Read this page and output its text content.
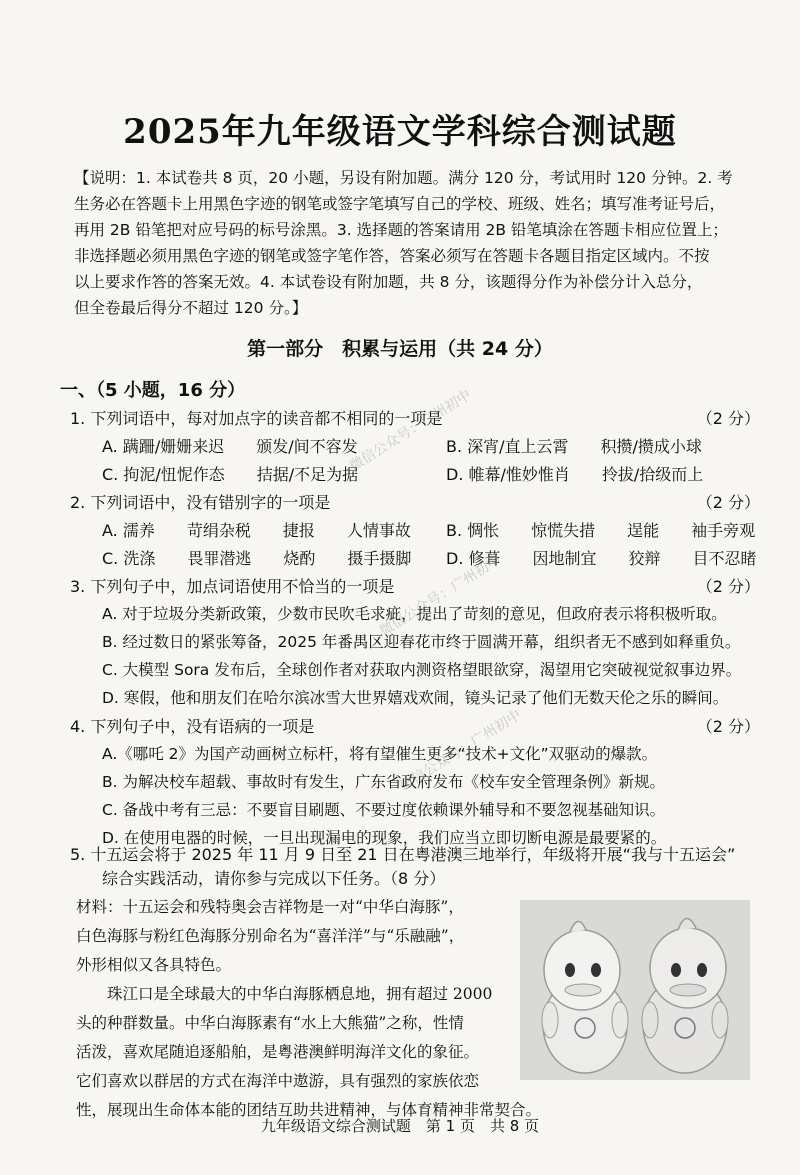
2025年九年级语文学科综合测试题
【说明：1. 本试卷共 8 页，20 小题，另设有附加题。满分 120 分，考试用时 120 分钟。2. 考
生务必在答题卡上用黑色字迹的钢笔或签字笔填写自己的学校、班级、姓名；填写准考证号后，
再用 2B 铅笔把对应号码的标号涂黑。3. 选择题的答案请用 2B 铅笔填涂在答题卡相应位置上；
非选择题必须用黑色字迹的钢笔或签字笔作答，答案必须写在答题卡各题目指定区域内。不按
以上要求作答的答案无效。4. 本试卷设有附加题，共 8 分，该题得分作为补偿分计入总分，
但全卷最后得分不超过 120 分。】
第一部分　积累与运用（共 24 分）
一、（5 小题，16 分）
1. 下列词语中，每对加点字的读音都不相同的一项是	（2 分）
A. 蹒跚/姗姗来迟　　颁发/间不容发	B. 深宵/直上云霄　　积攒/攒成小球
C. 拘泥/忸怩作态　　拮据/不足为据	D. 帷幕/惟妙惟肖　　拎拔/拾级而上
2. 下列词语中，没有错别字的一项是	（2 分）
A. 濡养　　苛绢杂税　　捷报　　人情事故 B. 惆怅　　惊慌失措　　逞能　　袖手旁观
C. 洗涤　　畏罪潜逃　　烧酌　　摄手摄脚 D. 修葺　　因地制宜　　狡辩　　目不忍睹
3. 下列句子中，加点词语使用不恰当的一项是	（2 分）
A. 对于垃圾分类新政策，少数市民吹毛求疵，提出了苛刻的意见，但政府表示将积极听取。
B. 经过数日的紧张筹备，2025 年番禺区迎春花市终于圆满开幕，组织者无不感到如释重负。
C. 大模型 Sora 发布后，全球创作者对获取内测资格望眼欲穿，渴望用它突破视觉叙事边界。
D. 寒假，他和朋友们在哈尔滨冰雪大世界嬉戏欢闹，镜头记录了他们无数天伦之乐的瞬间。
4. 下列句子中，没有语病的一项是	（2 分）
A.《哪吒 2》为国产动画树立标杆，将有望催生更多“技术+文化”双驱动的爆款。
B. 为解决校车超载、事故时有发生，广东省政府发布《校车安全管理条例》新规。
C. 备战中考有三忌：不要盲目刷题、不要过度依赖课外辅导和不要忽视基础知识。
D. 在使用电器的时候，一旦出现漏电的现象，我们应当立即切断电源是最要紧的。
5. 十五运会将于 2025 年 11 月 9 日至 21 日在粤港澳三地举行，年级将开展“我与十五运会”
综合实践活动，请你参与完成以下任务。（8 分）
材料：十五运会和残特奥会吉祥物是一对“中华白海豚”，
白色海豚与粉红色海豚分别命名为“喜洋洋”与“乐融融”，
外形相似又各具特色。
　　珠江口是全球最大的中华白海豚栖息地，拥有超过 2000
头的种群数量。中华白海豚素有“水上大熊猫”之称，性情
活泼，喜欢尾随追逐船舶，是粤港澳鲜明海洋文化的象征。
它们喜欢以群居的方式在海洋中遨游，具有强烈的家族依恋
性，展现出生命体本能的团结互助共进精神，与体育精神非常契合。
九年级语文综合测试题　第 1 页　共 8 页
微信公众号：广州初中
微信公众号：广州初中
微信公众号：广州初中
